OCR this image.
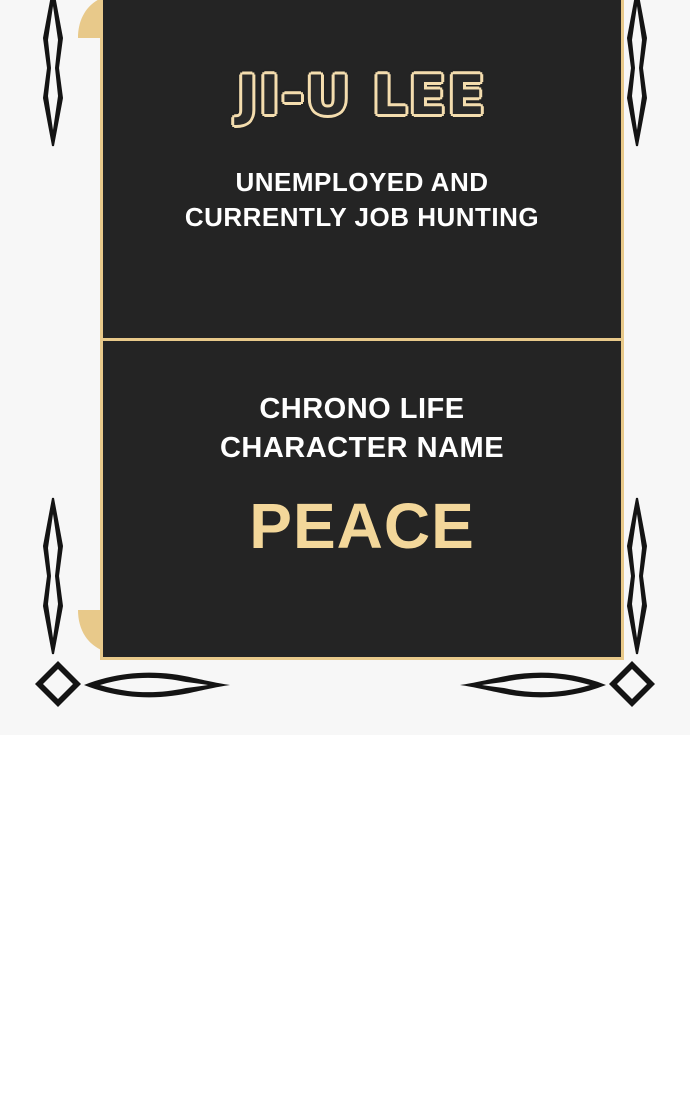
JI-U LEE
UNEMPLOYED AND
CURRENTLY JOB HUNTING
CHRONO LIFE
CHARACTER NAME
PEACE
